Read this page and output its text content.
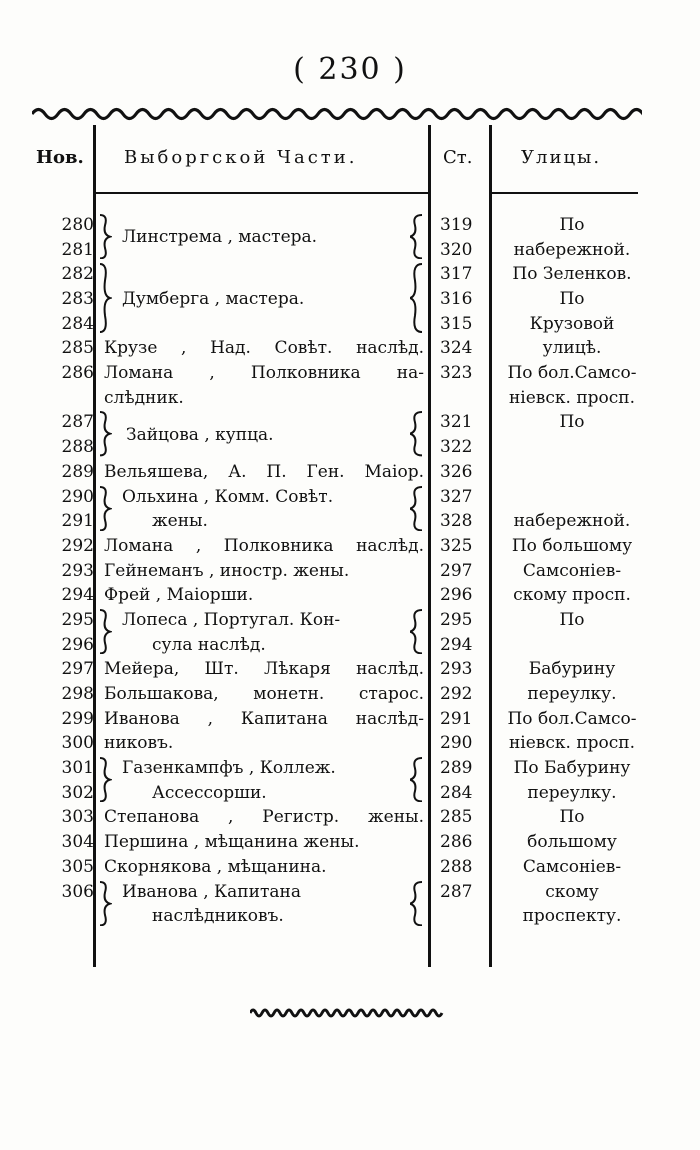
( 230 )
Нов. Выборгской Части.	Ст.	Улицы.
280
281
282
283
284
285
286
287
288
289
290
291
292
293
294
295
296
297
298
299
300
301
302
303
304
305
306
Линстрема , мастера.
Думберга , мастера.
Крузе , Над. Совѣт. наслѣд.
Ломана , Полковника на-
слѣдник.
Зайцова , купца.
Вельяшева, А. П. Ген. Маіор.
Ольхина , Комм. Совѣт.
жены.
Ломана , Полковника наслѣд.
Гейнеманъ , иностр. жены.
Фрей , Маіорши.
Лопеса , Португал. Кон-
сула наслѣд.
Мейера, Шт. Лѣкаря наслѣд.
Большакова, монетн. старос.
Иванова , Капитана наслѣд-
никовъ.
Газенкампфъ , Коллеж.
Ассессорши.
Степанова , Регистр. жены.
Першина , мѣщанина жены.
Скорнякова , мѣщанина.
Иванова , Капитана
наслѣдниковъ.
319
320
317
316
315
324
323
321
322
326
327
328
325
297
296
295
294
293
292
291
290
289
284
285
286
288
287
По
набережной.
По Зеленков.
По
Крузовой
улицѣ.
По бол.Самсо-
ніевск. просп.
По
набережной.
По большому
Самсоніев-
скому просп.
По
Бабурину
переулку.
По бол.Самсо-
ніевск. просп.
По Бабурину
переулку.
По
большому
Самсоніев-
скому
проспекту.
